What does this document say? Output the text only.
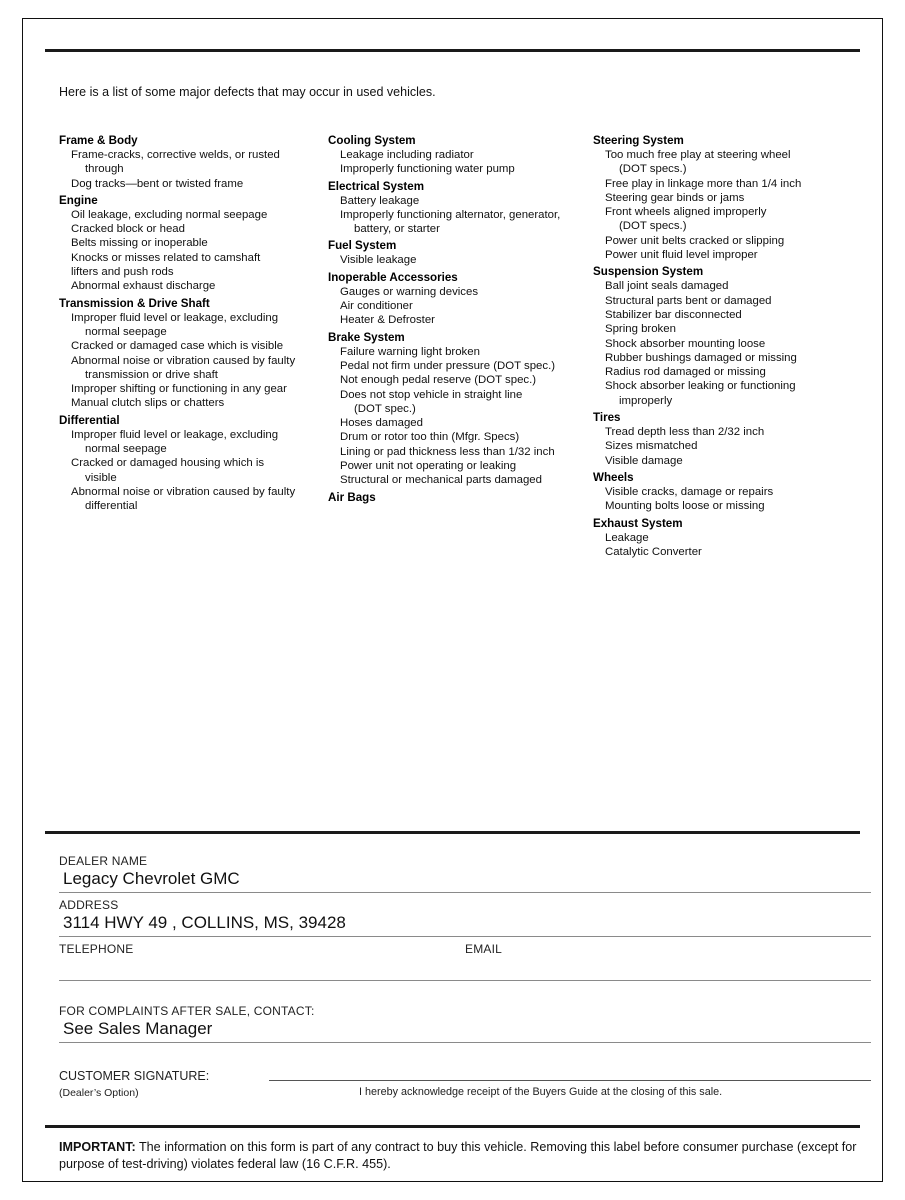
Here is a list of some major defects that may occur in used vehicles.
Frame & Body
Frame-cracks, corrective welds, or rusted
through
Dog tracks—bent or twisted frame
Engine
Oil leakage, excluding normal seepage
Cracked block or head
Belts missing or inoperable
Knocks or misses related to camshaft
lifters and push rods
Abnormal exhaust discharge
Transmission & Drive Shaft
Improper fluid level or leakage, excluding
normal seepage
Cracked or damaged case which is visible
Abnormal noise or vibration caused by faulty
transmission or drive shaft
Improper shifting or functioning in any gear
Manual clutch slips or chatters
Differential
Improper fluid level or leakage, excluding
normal seepage
Cracked or damaged housing which is
visible
Abnormal noise or vibration caused by faulty
differential
Cooling System
Leakage including radiator
Improperly functioning water pump
Electrical System
Battery leakage
Improperly functioning alternator, generator,
battery, or starter
Fuel System
Visible leakage
Inoperable Accessories
Gauges or warning devices
Air conditioner
Heater & Defroster
Brake System
Failure warning light broken
Pedal not firm under pressure (DOT spec.)
Not enough pedal reserve (DOT spec.)
Does not stop vehicle in straight line
(DOT spec.)
Hoses damaged
Drum or rotor too thin (Mfgr. Specs)
Lining or pad thickness less than 1/32 inch
Power unit not operating or leaking
Structural or mechanical parts damaged
Air Bags
Steering System
Too much free play at steering wheel
(DOT specs.)
Free play in linkage more than 1/4 inch
Steering gear binds or jams
Front wheels aligned improperly
(DOT specs.)
Power unit belts cracked or slipping
Power unit fluid level improper
Suspension System
Ball joint seals damaged
Structural parts bent or damaged
Stabilizer bar disconnected
Spring broken
Shock absorber mounting loose
Rubber bushings damaged or missing
Radius rod damaged or missing
Shock absorber leaking or functioning
improperly
Tires
Tread depth less than 2/32 inch
Sizes mismatched
Visible damage
Wheels
Visible cracks, damage or repairs
Mounting bolts loose or missing
Exhaust System
Leakage
Catalytic Converter
DEALER NAME
Legacy Chevrolet GMC
ADDRESS
3114 HWY 49 , COLLINS, MS, 39428
TELEPHONE	EMAIL
FOR COMPLAINTS AFTER SALE, CONTACT:
See Sales Manager
CUSTOMER SIGNATURE:
(Dealer’s Option)	I hereby acknowledge receipt of the Buyers Guide at the closing of this sale.
IMPORTANT: The information on this form is part of any contract to buy this vehicle. Removing this label before consumer purchase (except for purpose of test-driving) violates federal law (16 C.F.R. 455).
